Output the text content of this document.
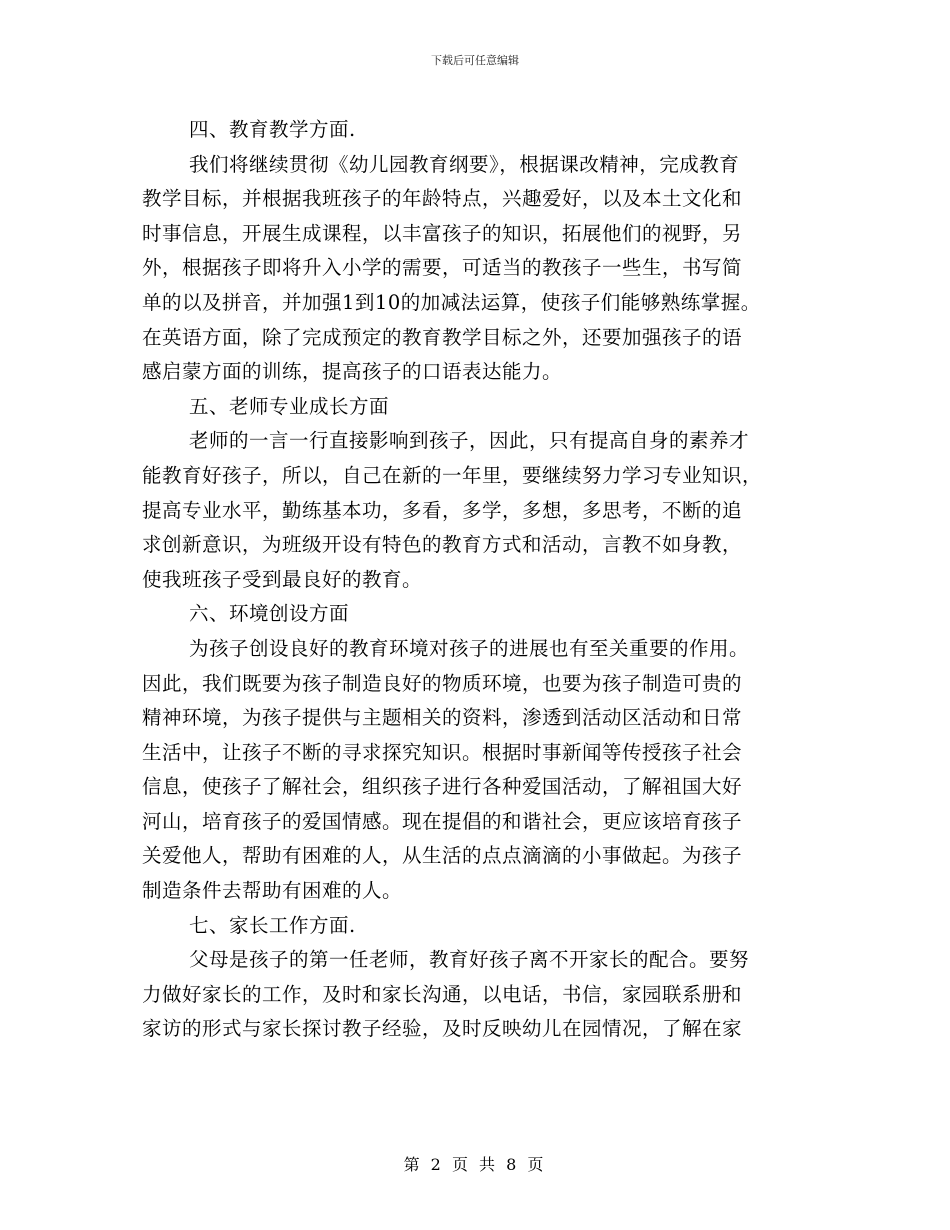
下载后可任意编辑
四、教育教学方面.
我们将继续贯彻《幼儿园教育纲要》，根据课改精神，完成教育
教学目标，并根据我班孩子的年龄特点，兴趣爱好，以及本土文化和
时事信息，开展生成课程，以丰富孩子的知识，拓展他们的视野，另
外，根据孩子即将升入小学的需要，可适当的教孩子一些生，书写简
单的以及拼音，并加强1到10的加减法运算，使孩子们能够熟练掌握。
在英语方面，除了完成预定的教育教学目标之外，还要加强孩子的语
感启蒙方面的训练，提高孩子的口语表达能力。
五、老师专业成长方面
老师的一言一行直接影响到孩子，因此，只有提高自身的素养才
能教育好孩子，所以，自己在新的一年里，要继续努力学习专业知识，
提高专业水平，勤练基本功，多看，多学，多想，多思考，不断的追
求创新意识，为班级开设有特色的教育方式和活动，言教不如身教，
使我班孩子受到最良好的教育。
六、环境创设方面
为孩子创设良好的教育环境对孩子的进展也有至关重要的作用。
因此，我们既要为孩子制造良好的物质环境，也要为孩子制造可贵的
精神环境，为孩子提供与主题相关的资料，渗透到活动区活动和日常
生活中，让孩子不断的寻求探究知识。根据时事新闻等传授孩子社会
信息，使孩子了解社会，组织孩子进行各种爱国活动，了解祖国大好
河山，培育孩子的爱国情感。现在提倡的和谐社会，更应该培育孩子
关爱他人，帮助有困难的人，从生活的点点滴滴的小事做起。为孩子
制造条件去帮助有困难的人。
七、家长工作方面.
父母是孩子的第一任老师，教育好孩子离不开家长的配合。要努
力做好家长的工作，及时和家长沟通，以电话，书信，家园联系册和
家访的形式与家长探讨教子经验，及时反映幼儿在园情况，了解在家
第 2 页 共 8 页
